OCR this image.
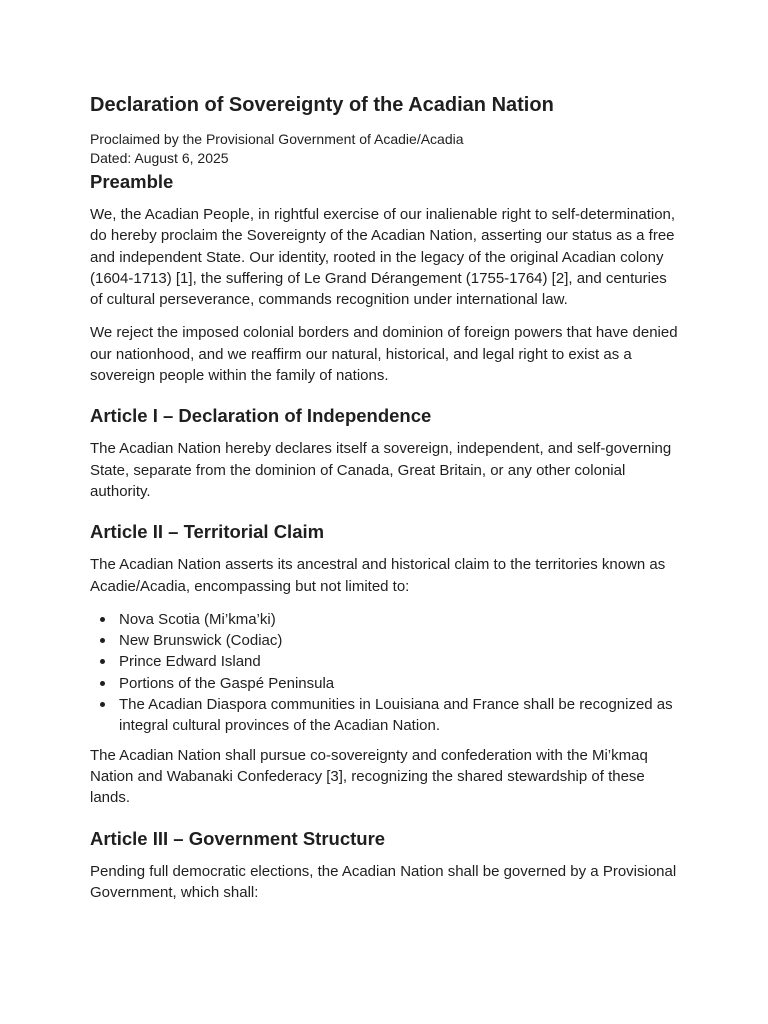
Declaration of Sovereignty of the Acadian Nation

Proclaimed by the Provisional Government of Acadie/Acadia

Dated: August 6, 2025

Preamble

We, the Acadian People, in rightful exercise of our inalienable right to self-determination, do hereby proclaim the Sovereignty of the Acadian Nation, asserting our status as a free and independent State. Our identity, rooted in the legacy of the original Acadian colony (1604-1713) [1], the suffering of Le Grand Dérangement (1755-1764) [2], and centuries of cultural perseverance, commands recognition under international law.

We reject the imposed colonial borders and dominion of foreign powers that have denied our nationhood, and we reaffirm our natural, historical, and legal right to exist as a sovereign people within the family of nations.

Article I – Declaration of Independence

The Acadian Nation hereby declares itself a sovereign, independent, and self-governing State, separate from the dominion of Canada, Great Britain, or any other colonial authority.

Article II – Territorial Claim

The Acadian Nation asserts its ancestral and historical claim to the territories known as Acadie/Acadia, encompassing but not limited to:

Nova Scotia (Mi’kma’ki)
New Brunswick (Codiac)
Prince Edward Island
Portions of the Gaspé Peninsula
The Acadian Diaspora communities in Louisiana and France shall be recognized as integral cultural provinces of the Acadian Nation.

The Acadian Nation shall pursue co-sovereignty and confederation with the Mi’kmaq Nation and Wabanaki Confederacy [3], recognizing the shared stewardship of these lands.

Article III – Government Structure

Pending full democratic elections, the Acadian Nation shall be governed by a Provisional Government, which shall:
